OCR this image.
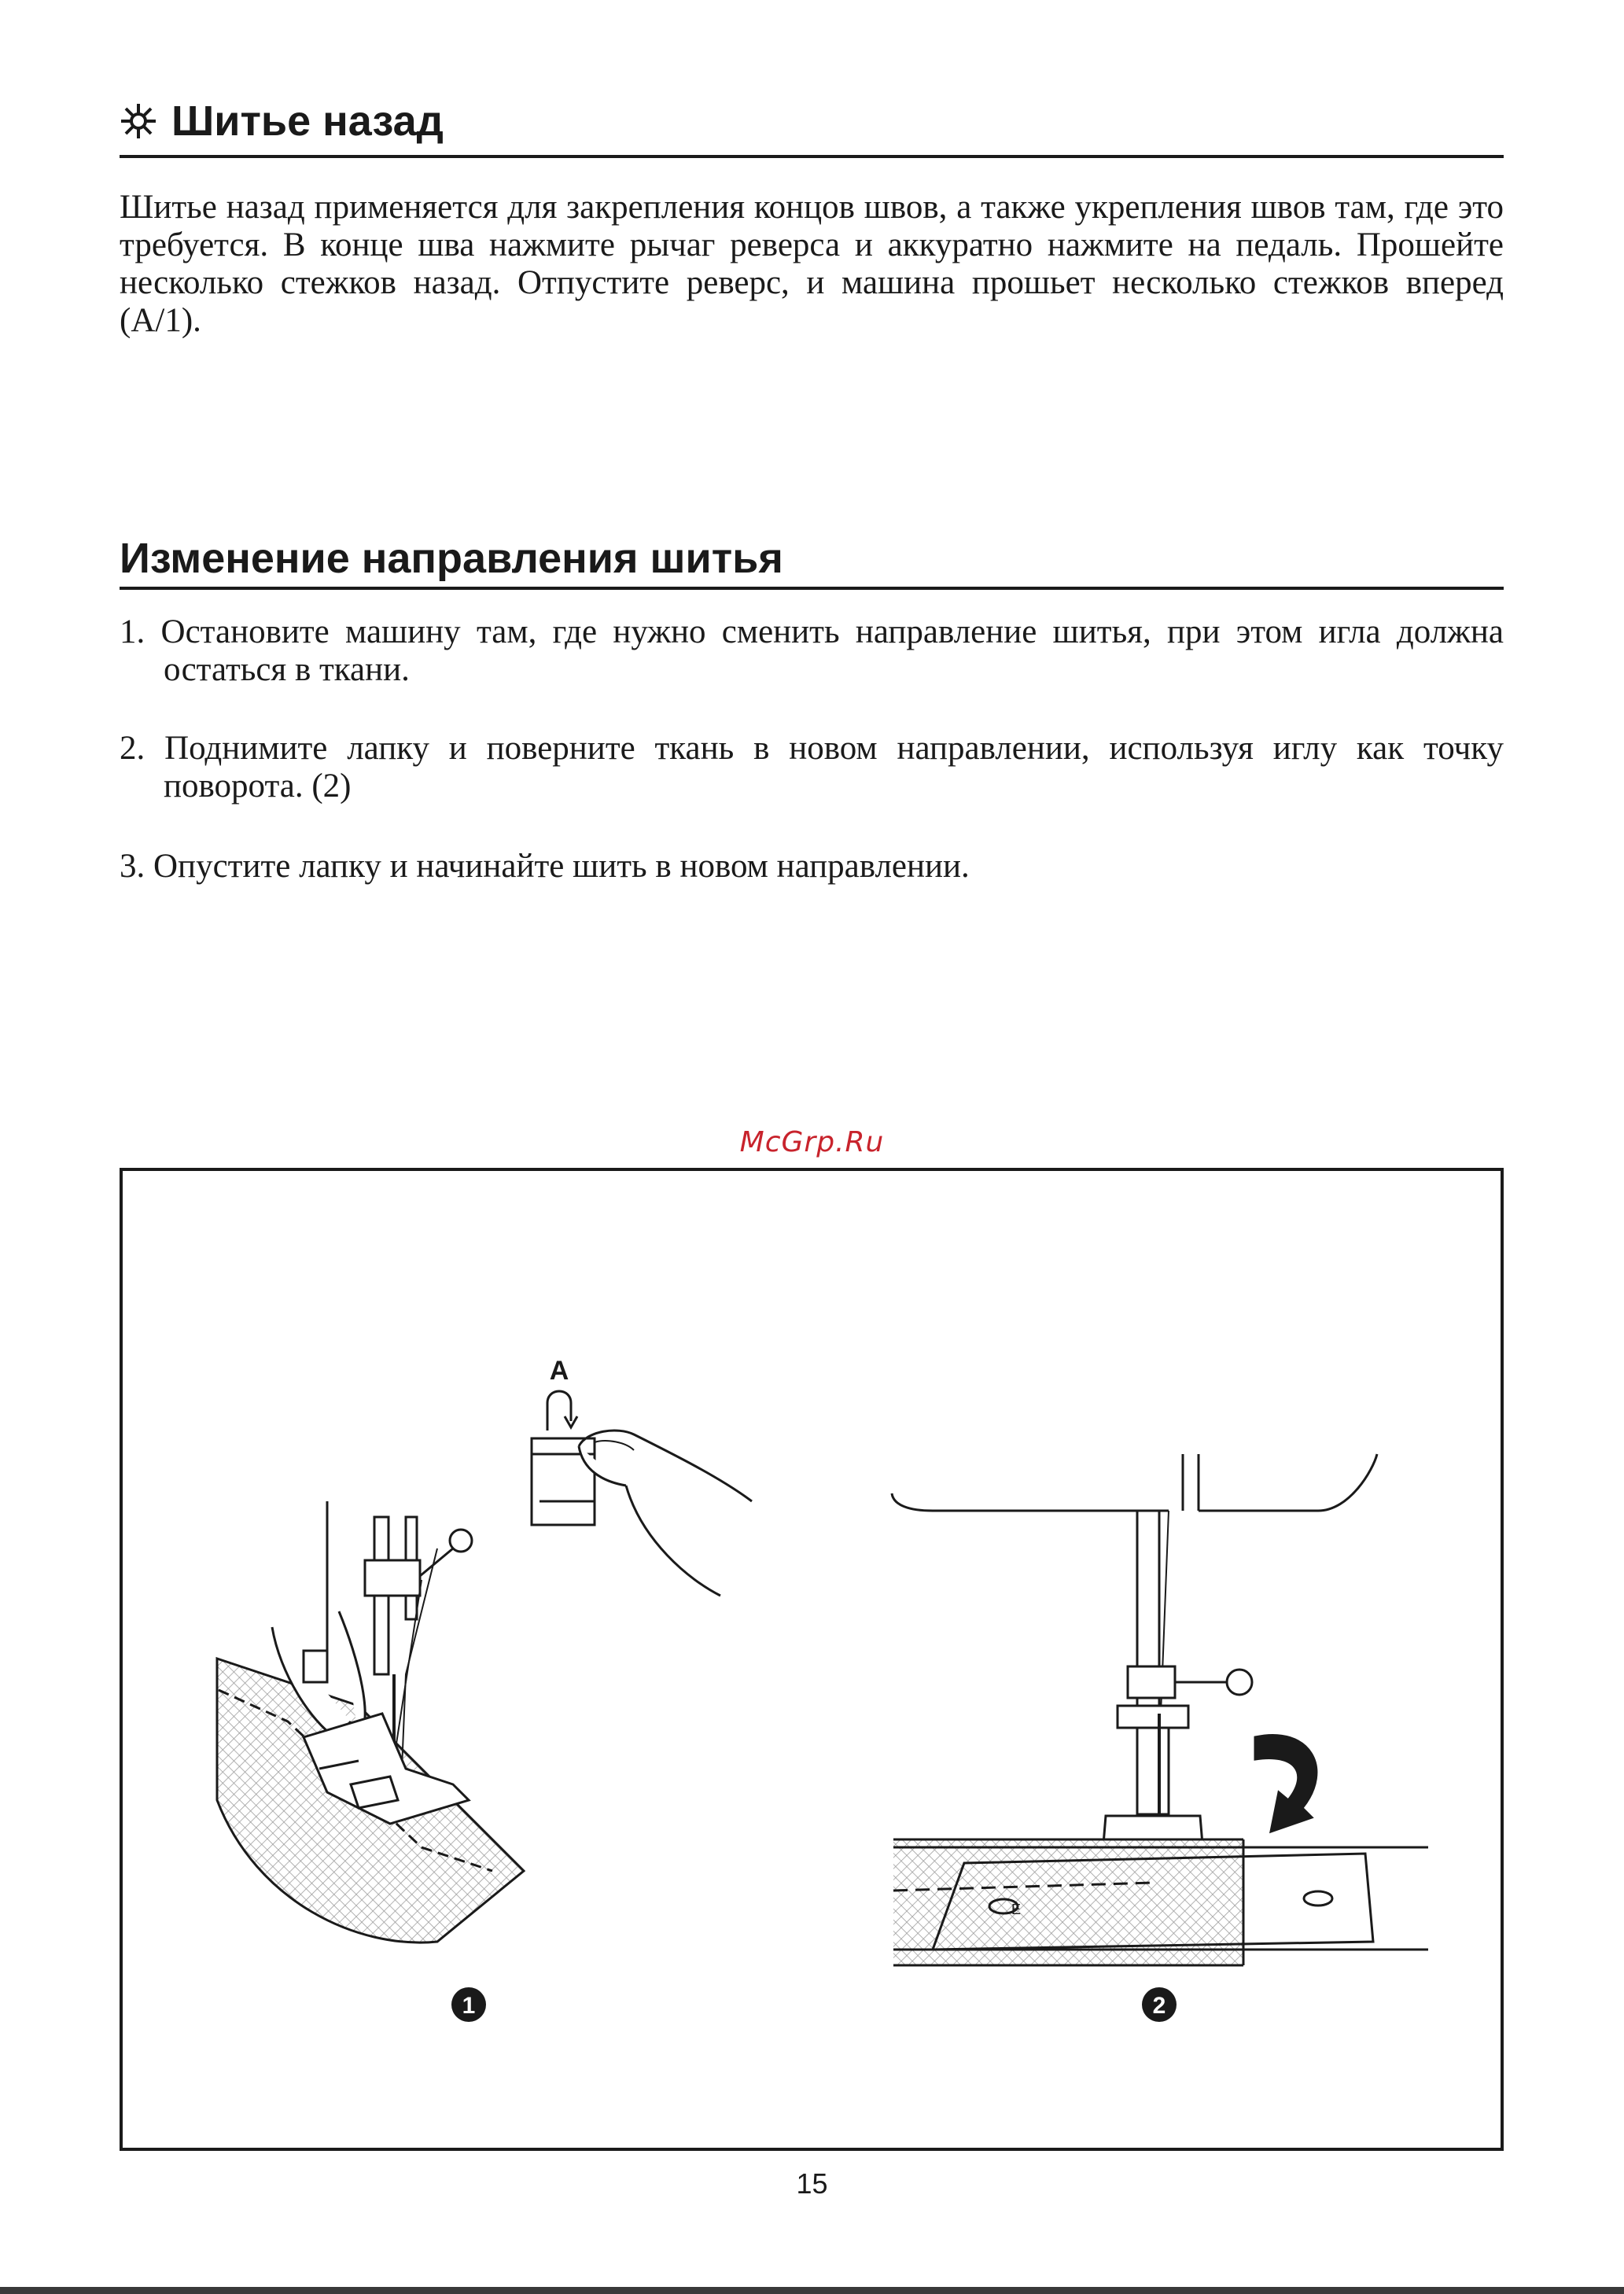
Шитье назад

Шитье назад применяется для закрепления концов швов, а также укрепления швов там, где это требуется. В конце шва нажмите рычаг реверса и аккуратно нажмите на педаль. Прошейте несколько стежков назад. Отпустите реверс, и машина прошьет несколько стежков вперед (А/1).

Изменение направления шитья

1. Остановите машину там, где нужно сменить направление шитья, при этом игла должна остаться в ткани.

2. Поднимите лапку и поверните ткань в новом направлении, используя иглу как точку поворота. (2)

3. Опустите лапку и начинайте шить в новом направлении.

McGrp.Ru
A
E
1	2
15
